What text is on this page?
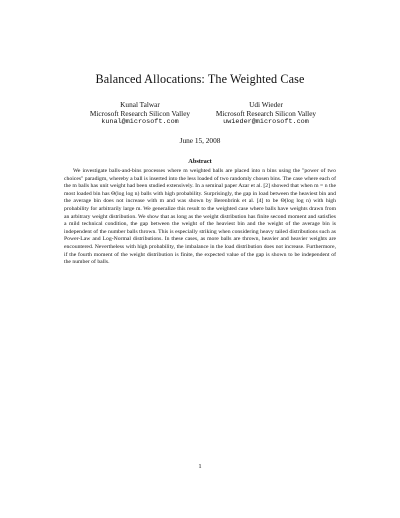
Balanced Allocations: The Weighted Case
Kunal Talwar
Microsoft Research Silicon Valley
kunal@microsoft.com
Udi Wieder
Microsoft Research Silicon Valley
uwieder@microsoft.com
June 15, 2008
Abstract
We investigate balls-and-bins processes where m weighted balls are placed into n bins using the "power of two choices" paradigm, whereby a ball is inserted into the less loaded of two randomly chosen bins. The case where each of the m balls has unit weight had been studied extensively. In a seminal paper Azar et al. [2] showed that when m = n the most loaded bin has Θ(log log n) balls with high probability. Surprisingly, the gap in load between the heaviest bin and the average bin does not increase with m and was shown by Berenbrink et al. [4] to be Θ(log log n) with high probability for arbitrarily large m. We generalize this result to the weighted case where balls have weights drawn from an arbitrary weight distribution. We show that as long as the weight distribution has finite second moment and satisfies a mild technical condition, the gap between the weight of the heaviest bin and the weight of the average bin is independent of the number balls thrown. This is especially striking when considering heavy tailed distributions such as Power-Law and Log-Normal distributions. In these cases, as more balls are thrown, heavier and heavier weights are encountered. Nevertheless with high probability, the imbalance in the load distribution does not increase. Furthermore, if the fourth moment of the weight distribution is finite, the expected value of the gap is shown to be independent of the number of balls.
1
